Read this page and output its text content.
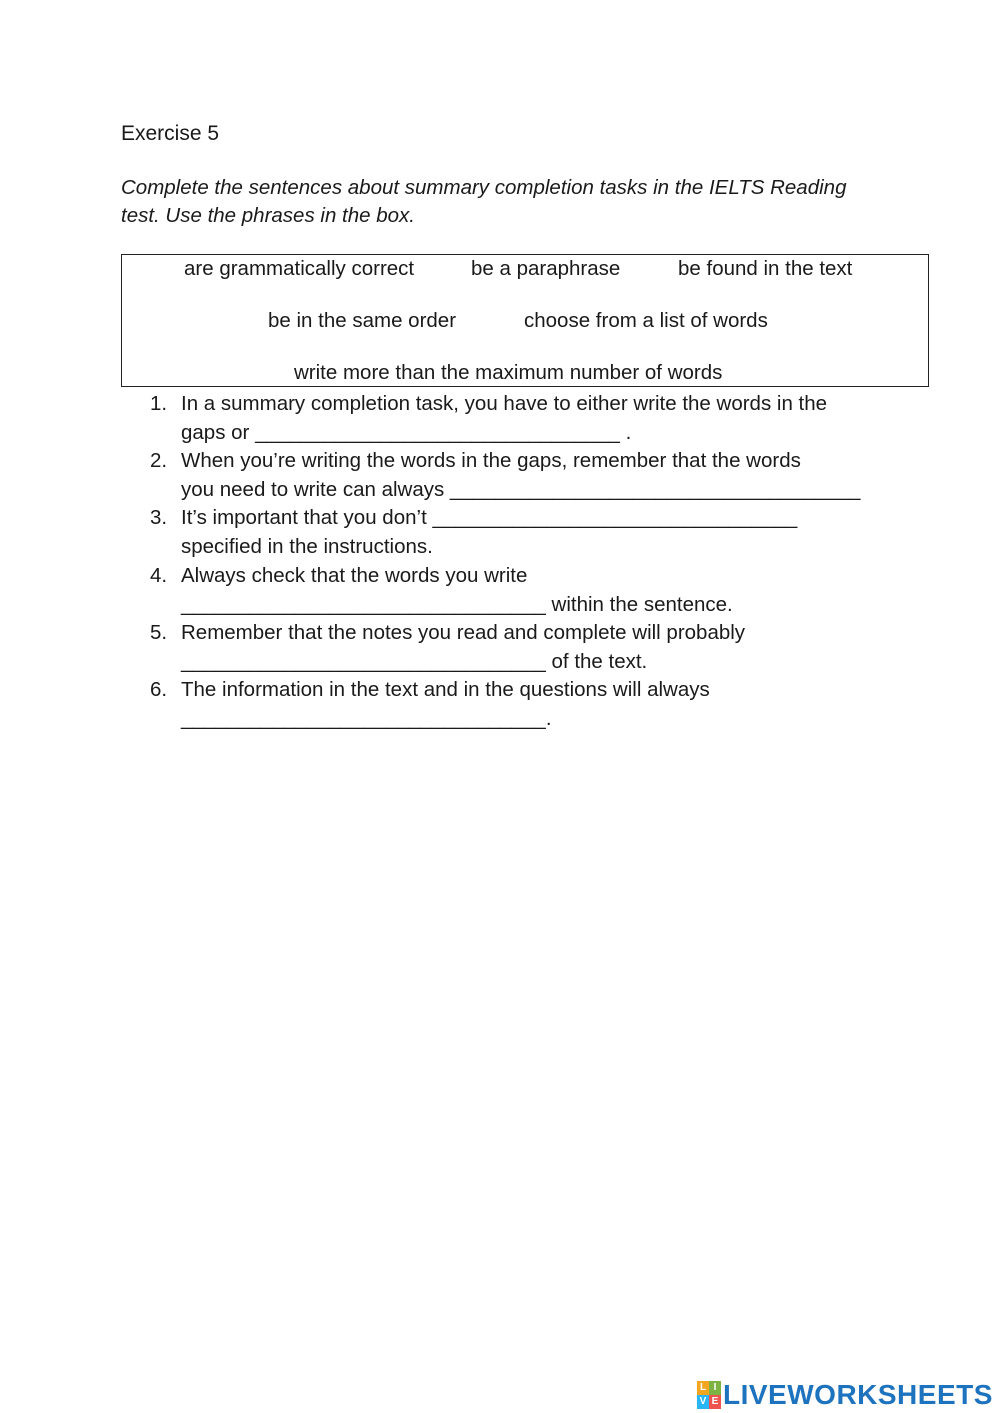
Exercise 5
Complete the sentences about summary completion tasks in the IELTS Reading
test. Use the phrases in the box.
are grammatically correct	be a paraphrase	be found in the text
be in the same order	choose from a list of words
write more than the maximum number of words
1. In a summary completion task, you have to either write the words in the
gaps or ________________________________ .
2. When you’re writing the words in the gaps, remember that the words
you need to write can always ____________________________________
3. It’s important that you don’t ________________________________
specified in the instructions.
4. Always check that the words you write
________________________________ within the sentence.
5. Remember that the notes you read and complete will probably
________________________________ of the text.
6. The information in the text and in the questions will always
________________________________.
L I
V E LIVEWORKSHEETS
